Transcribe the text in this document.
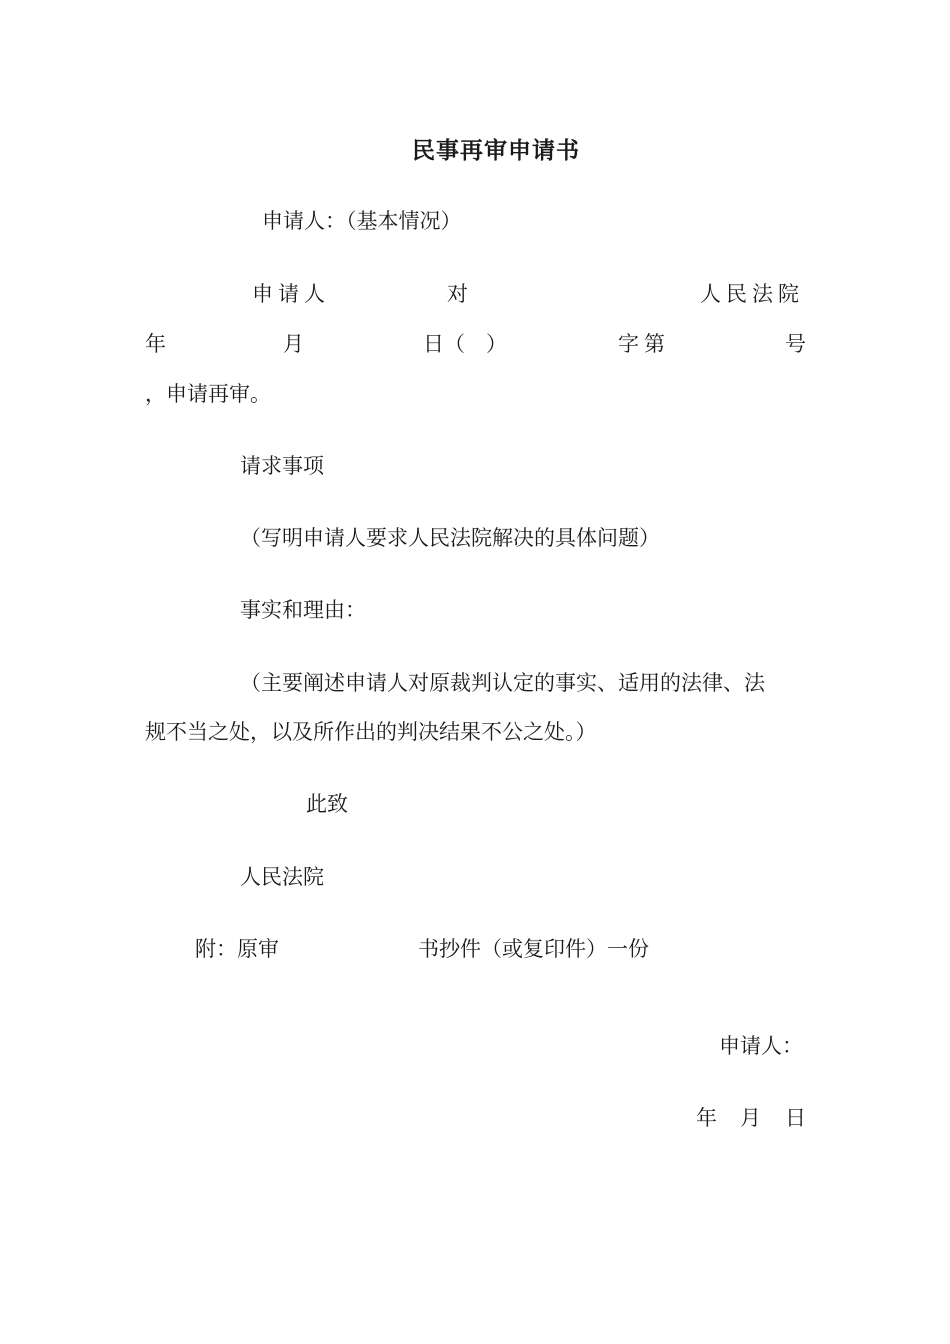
民事再审申请书
申请人：（基本情况）
申请人	对	人民法院
年	月	日（　）	字第	号
，申请再审。
请求事项
（写明申请人要求人民法院解决的具体问题）
事实和理由：
（主要阐述申请人对原裁判认定的事实、适用的法律、法
规不当之处，以及所作出的判决结果不公之处。）
此致
人民法院
附：原审	书抄件（或复印件）一份
申请人：
年 月 日
